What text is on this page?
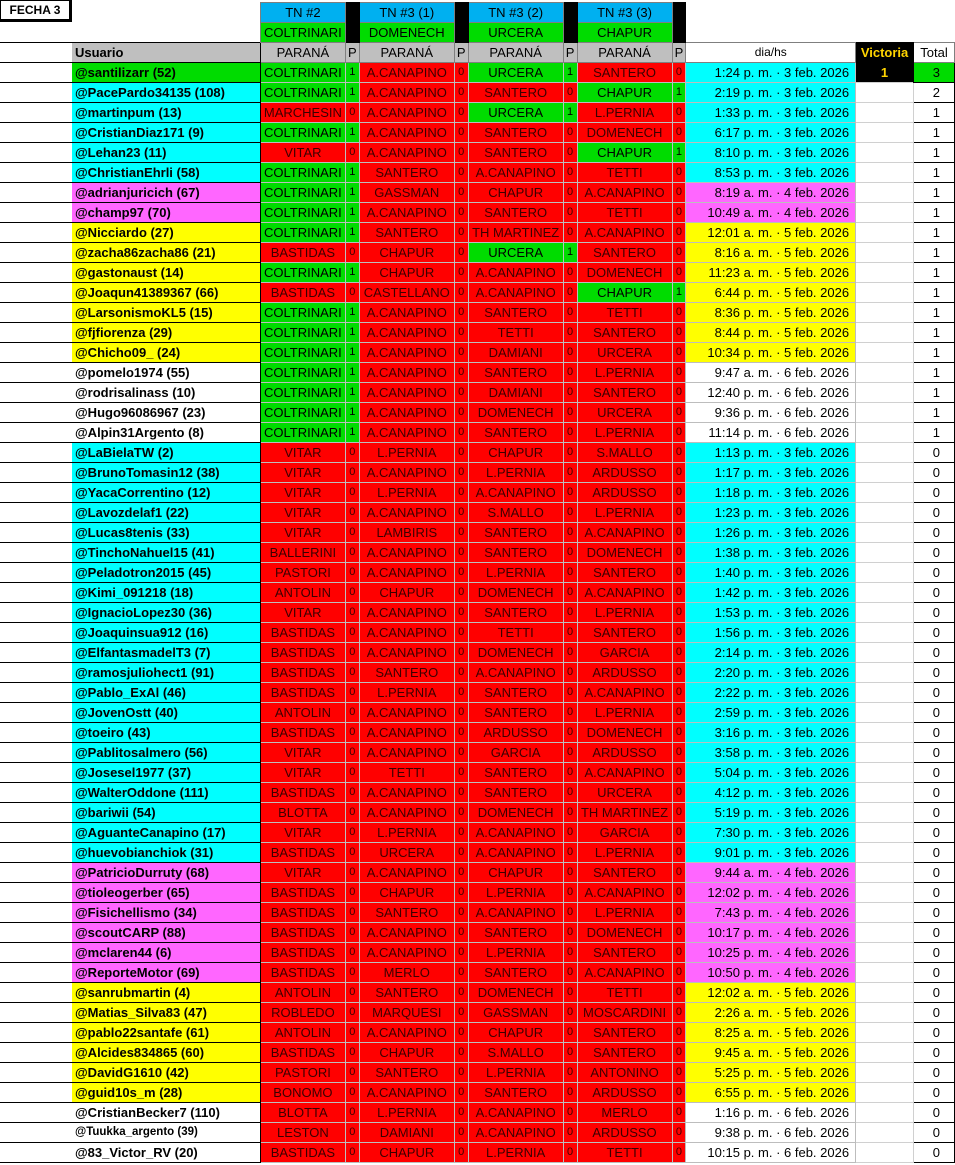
		TN #2		TN #3 (1)		TN #3 (2)		TN #3 (3)				
		COLTRINARI		DOMENECH		URCERA		CHAPUR				
Usuario		PARANÁ	P	PARANÁ	P	PARANÁ	P	PARANÁ	P	dia/hs	Victoria	Total
@santilizarr (52)		COLTRINARI	1	A.CANAPINO	0	URCERA	1	SANTERO	0	1:24 p. m. · 3 feb. 2026	1	3
@PacePardo34135 (108)		COLTRINARI	1	A.CANAPINO	0	SANTERO	0	CHAPUR	1	2:19 p. m. · 3 feb. 2026		2
@martinpum (13)		MARCHESIN	0	A.CANAPINO	0	URCERA	1	L.PERNIA	0	1:33 p. m. · 3 feb. 2026		1
@CristianDiaz171 (9)		COLTRINARI	1	A.CANAPINO	0	SANTERO	0	DOMENECH	0	6:17 p. m. · 3 feb. 2026		1
@Lehan23 (11)		VITAR	0	A.CANAPINO	0	SANTERO	0	CHAPUR	1	8:10 p. m. · 3 feb. 2026		1
@ChristianEhrli (58)		COLTRINARI	1	SANTERO	0	A.CANAPINO	0	TETTI	0	8:53 p. m. · 3 feb. 2026		1
@adrianjuricich (67)		COLTRINARI	1	GASSMAN	0	CHAPUR	0	A.CANAPINO	0	8:19 a. m. · 4 feb. 2026		1
@champ97 (70)		COLTRINARI	1	A.CANAPINO	0	SANTERO	0	TETTI	0	10:49 a. m. · 4 feb. 2026		1
@Nicciardo (27)		COLTRINARI	1	SANTERO	0	TH MARTINEZ	0	A.CANAPINO	0	12:01 a. m. · 5 feb. 2026		1
@zacha86zacha86 (21)		BASTIDAS	0	CHAPUR	0	URCERA	1	SANTERO	0	8:16 a. m. · 5 feb. 2026		1
@gastonaust (14)		COLTRINARI	1	CHAPUR	0	A.CANAPINO	0	DOMENECH	0	11:23 a. m. · 5 feb. 2026		1
@Joaqun41389367 (66)		BASTIDAS	0	CASTELLANO	0	A.CANAPINO	0	CHAPUR	1	6:44 p. m. · 5 feb. 2026		1
@LarsonismoKL5 (15)		COLTRINARI	1	A.CANAPINO	0	SANTERO	0	TETTI	0	8:36 p. m. · 5 feb. 2026		1
@fjfiorenza (29)		COLTRINARI	1	A.CANAPINO	0	TETTI	0	SANTERO	0	8:44 p. m. · 5 feb. 2026		1
@Chicho09_ (24)		COLTRINARI	1	A.CANAPINO	0	DAMIANI	0	URCERA	0	10:34 p. m. · 5 feb. 2026		1
@pomelo1974 (55)		COLTRINARI	1	A.CANAPINO	0	SANTERO	0	L.PERNIA	0	9:47 a. m. · 6 feb. 2026		1
@rodrisalinass (10)		COLTRINARI	1	A.CANAPINO	0	DAMIANI	0	SANTERO	0	12:40 p. m. · 6 feb. 2026		1
@Hugo96086967 (23)		COLTRINARI	1	A.CANAPINO	0	DOMENECH	0	URCERA	0	9:36 p. m. · 6 feb. 2026		1
@Alpin31Argento (8)		COLTRINARI	1	A.CANAPINO	0	SANTERO	0	L.PERNIA	0	11:14 p. m. · 6 feb. 2026		1
@LaBielaTW (2)		VITAR	0	L.PERNIA	0	CHAPUR	0	S.MALLO	0	1:13 p. m. · 3 feb. 2026		0
@BrunoTomasin12 (38)		VITAR	0	A.CANAPINO	0	L.PERNIA	0	ARDUSSO	0	1:17 p. m. · 3 feb. 2026		0
@YacaCorrentino (12)		VITAR	0	L.PERNIA	0	A.CANAPINO	0	ARDUSSO	0	1:18 p. m. · 3 feb. 2026		0
@Lavozdelaf1 (22)		VITAR	0	A.CANAPINO	0	S.MALLO	0	L.PERNIA	0	1:23 p. m. · 3 feb. 2026		0
@Lucas8tenis (33)		VITAR	0	LAMBIRIS	0	SANTERO	0	A.CANAPINO	0	1:26 p. m. · 3 feb. 2026		0
@TinchoNahuel15 (41)		BALLERINI	0	A.CANAPINO	0	SANTERO	0	DOMENECH	0	1:38 p. m. · 3 feb. 2026		0
@Peladotron2015 (45)		PASTORI	0	A.CANAPINO	0	L.PERNIA	0	SANTERO	0	1:40 p. m. · 3 feb. 2026		0
@Kimi_091218 (18)		ANTOLIN	0	CHAPUR	0	DOMENECH	0	A.CANAPINO	0	1:42 p. m. · 3 feb. 2026		0
@IgnacioLopez30 (36)		VITAR	0	A.CANAPINO	0	SANTERO	0	L.PERNIA	0	1:53 p. m. · 3 feb. 2026		0
@Joaquinsua912 (16)		BASTIDAS	0	A.CANAPINO	0	TETTI	0	SANTERO	0	1:56 p. m. · 3 feb. 2026		0
@ElfantasmadelT3 (7)		BASTIDAS	0	A.CANAPINO	0	DOMENECH	0	GARCIA	0	2:14 p. m. · 3 feb. 2026		0
@ramosjuliohect1 (91)		BASTIDAS	0	SANTERO	0	A.CANAPINO	0	ARDUSSO	0	2:20 p. m. · 3 feb. 2026		0
@Pablo_ExAl (46)		BASTIDAS	0	L.PERNIA	0	SANTERO	0	A.CANAPINO	0	2:22 p. m. · 3 feb. 2026		0
@JovenOstt (40)		ANTOLIN	0	A.CANAPINO	0	SANTERO	0	L.PERNIA	0	2:59 p. m. · 3 feb. 2026		0
@toeiro (43)		BASTIDAS	0	A.CANAPINO	0	ARDUSSO	0	DOMENECH	0	3:16 p. m. · 3 feb. 2026		0
@Pablitosalmero (56)		VITAR	0	A.CANAPINO	0	GARCIA	0	ARDUSSO	0	3:58 p. m. · 3 feb. 2026		0
@Josesel1977 (37)		VITAR	0	TETTI	0	SANTERO	0	A.CANAPINO	0	5:04 p. m. · 3 feb. 2026		0
@WalterOddone (111)		BASTIDAS	0	A.CANAPINO	0	SANTERO	0	URCERA	0	4:12 p. m. · 3 feb. 2026		0
@bariwii (54)		BLOTTA	0	A.CANAPINO	0	DOMENECH	0	TH MARTINEZ	0	5:19 p. m. · 3 feb. 2026		0
@AguanteCanapino (17)		VITAR	0	L.PERNIA	0	A.CANAPINO	0	GARCIA	0	7:30 p. m. · 3 feb. 2026		0
@huevobianchiok (31)		BASTIDAS	0	URCERA	0	A.CANAPINO	0	L.PERNIA	0	9:01 p. m. · 3 feb. 2026		0
@PatricioDurruty (68)		VITAR	0	A.CANAPINO	0	CHAPUR	0	SANTERO	0	9:44 a. m. · 4 feb. 2026		0
@tioleogerber (65)		BASTIDAS	0	CHAPUR	0	L.PERNIA	0	A.CANAPINO	0	12:02 p. m. · 4 feb. 2026		0
@Fisichellismo (34)		BASTIDAS	0	SANTERO	0	A.CANAPINO	0	L.PERNIA	0	7:43 p. m. · 4 feb. 2026		0
@scoutCARP (88)		BASTIDAS	0	A.CANAPINO	0	SANTERO	0	DOMENECH	0	10:17 p. m. · 4 feb. 2026		0
@mclaren44 (6)		BASTIDAS	0	A.CANAPINO	0	L.PERNIA	0	SANTERO	0	10:25 p. m. · 4 feb. 2026		0
@ReporteMotor (69)		BASTIDAS	0	MERLO	0	SANTERO	0	A.CANAPINO	0	10:50 p. m. · 4 feb. 2026		0
@sanrubmartin (4)		ANTOLIN	0	SANTERO	0	DOMENECH	0	TETTI	0	12:02 a. m. · 5 feb. 2026		0
@Matias_Silva83 (47)		ROBLEDO	0	MARQUESI	0	GASSMAN	0	MOSCARDINI	0	2:26 a. m. · 5 feb. 2026		0
@pablo22santafe (61)		ANTOLIN	0	A.CANAPINO	0	CHAPUR	0	SANTERO	0	8:25 a. m. · 5 feb. 2026		0
@Alcides834865 (60)		BASTIDAS	0	CHAPUR	0	S.MALLO	0	SANTERO	0	9:45 a. m. · 5 feb. 2026		0
@DavidG1610 (42)		PASTORI	0	SANTERO	0	L.PERNIA	0	ANTONINO	0	5:25 p. m. · 5 feb. 2026		0
@guid10s_m (28)		BONOMO	0	A.CANAPINO	0	SANTERO	0	ARDUSSO	0	6:55 p. m. · 5 feb. 2026		0
@CristianBecker7 (110)		BLOTTA	0	L.PERNIA	0	A.CANAPINO	0	MERLO	0	1:16 p. m. · 6 feb. 2026		0
@Tuukka_argento (39)		LESTON	0	DAMIANI	0	A.CANAPINO	0	ARDUSSO	0	9:38 p. m. · 6 feb. 2026		0
@83_Victor_RV (20)		BASTIDAS	0	CHAPUR	0	L.PERNIA	0	TETTI	0	10:15 p. m. · 6 feb. 2026		0
FECHA 3
